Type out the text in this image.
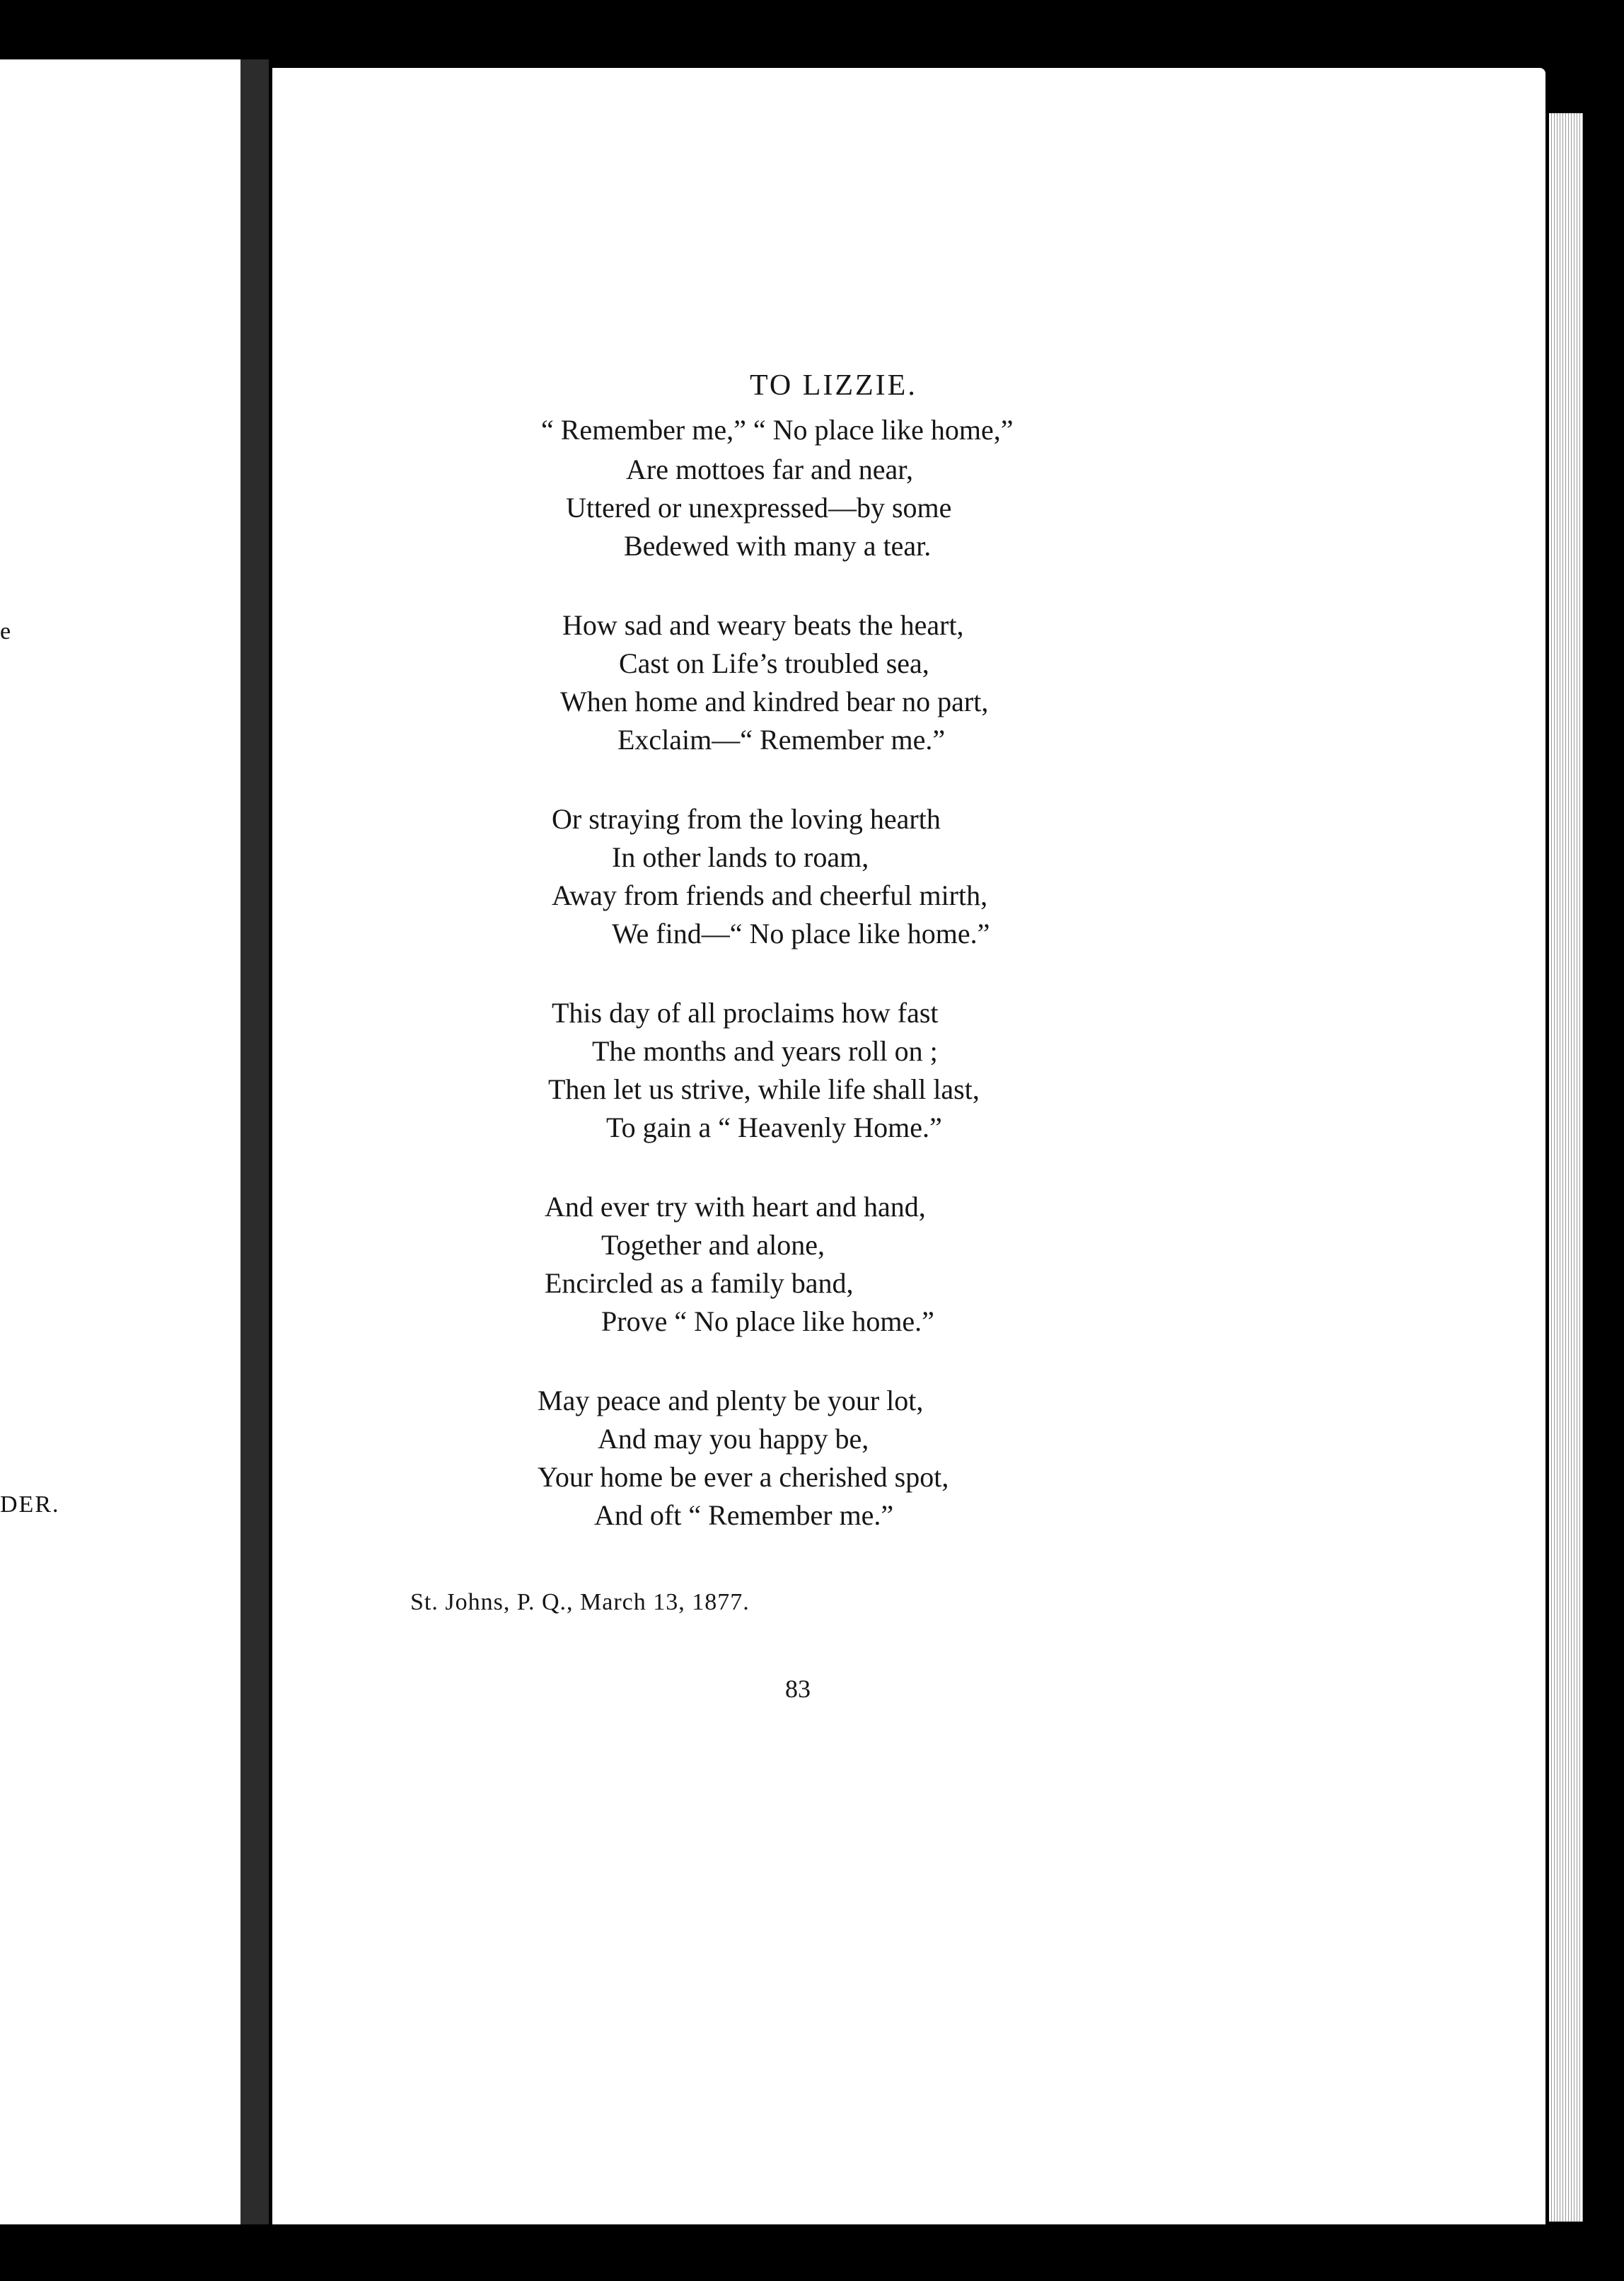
e
DER.
TO LIZZIE.
“ Remember me,” “ No place like home,”
Are mottoes far and near,
Uttered or unexpressed—by some
Bedewed with many a tear.
How sad and weary beats the heart,
Cast on Life’s troubled sea,
When home and kindred bear no part,
Exclaim—“ Remember me.”
Or straying from the loving hearth
In other lands to roam,
Away from friends and cheerful mirth,
We find—“ No place like home.”
This day of all proclaims how fast
The months and years roll on ;
Then let us strive, while life shall last,
To gain a “ Heavenly Home.”
And ever try with heart and hand,
Together and alone,
Encircled as a family band,
Prove “ No place like home.”
May peace and plenty be your lot,
And may you happy be,
Your home be ever a cherished spot,
And oft “ Remember me.”
St. Johns, P. Q., March 13, 1877.
83
